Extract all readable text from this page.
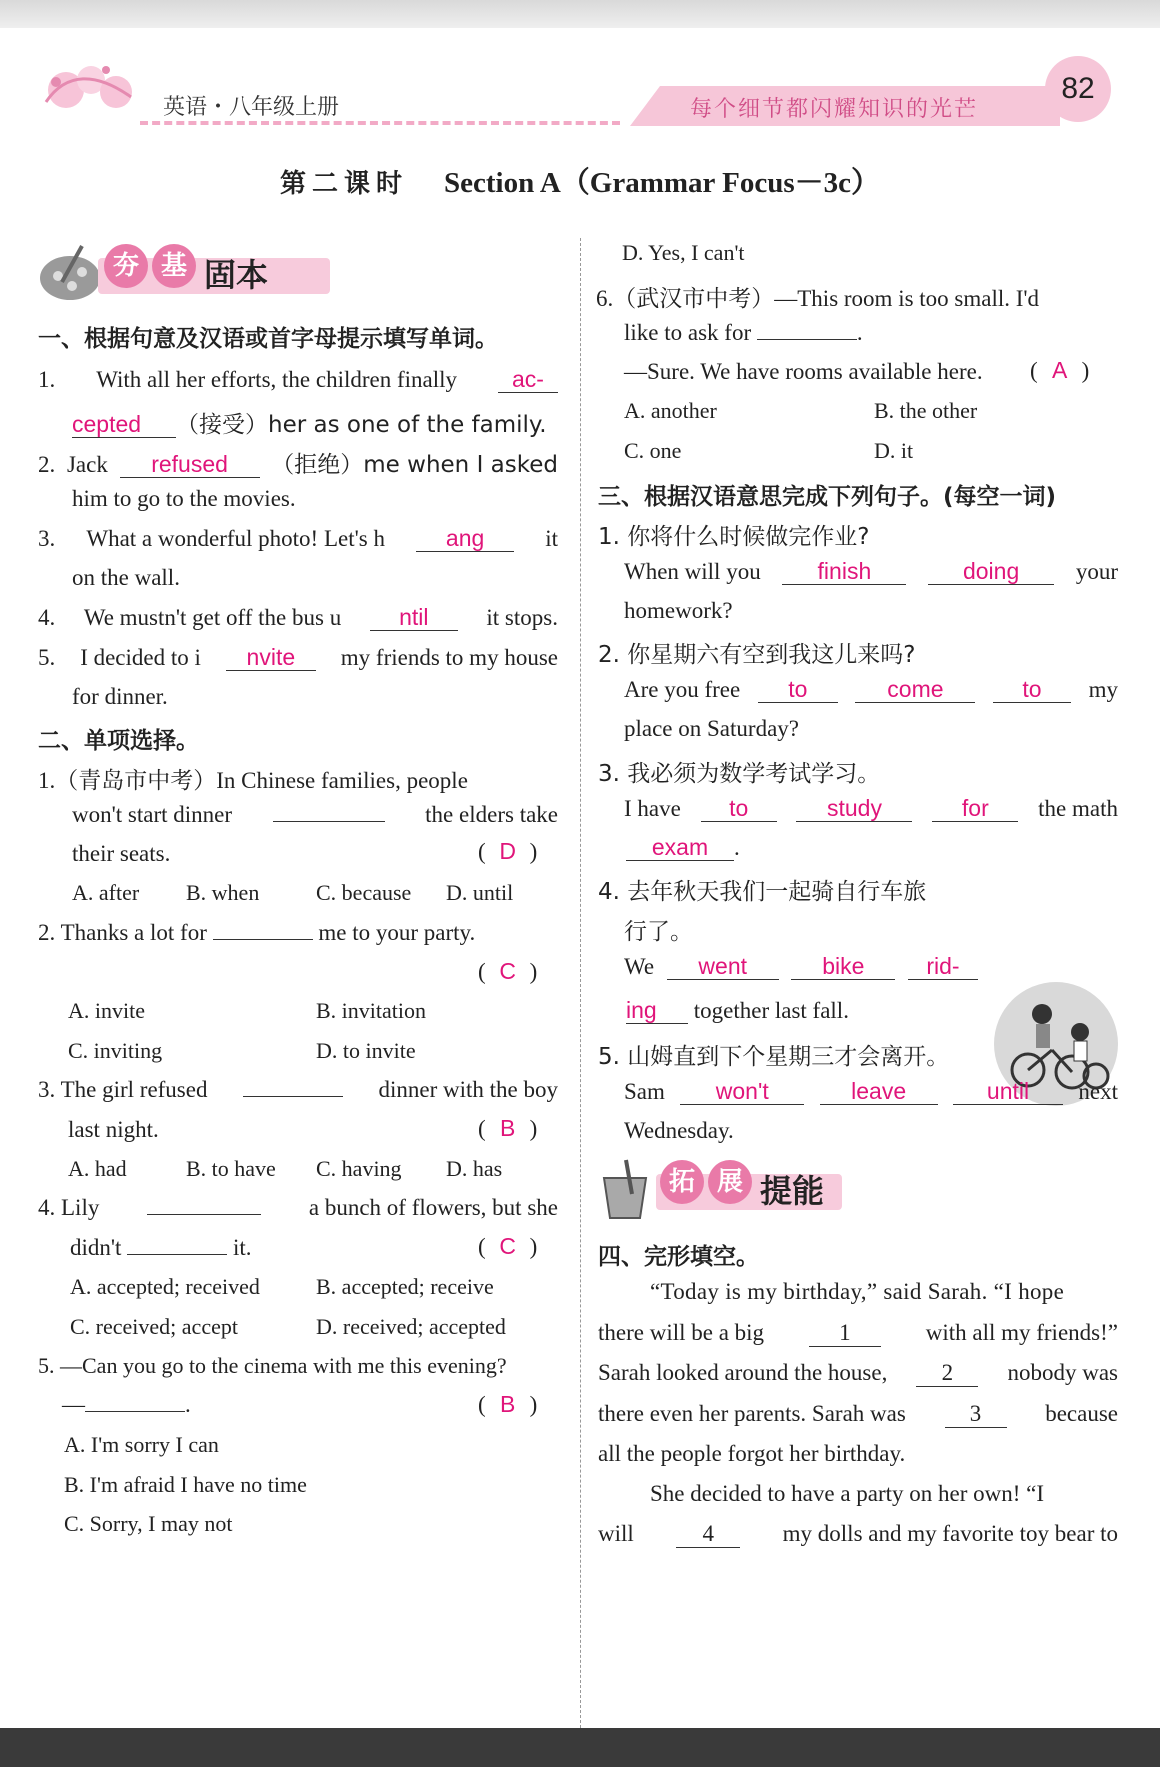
英语・八年级上册	每个细节都闪耀知识的光芒
82
第二课时 Section A（Grammar Focus－3c）
夯 基 固本
一、根据句意及汉语或首字母提示填写单词。
1. With all her efforts, the children finally	ac-
cepted （接受）her as one of the family.
2. Jack	refused	（拒绝）me when I asked
him to go to the movies.
3. What a wonderful photo! Let's h	ang	it
on the wall.
4. We mustn't get off the bus u	ntil	it stops.
5. I decided to i	nvite	my friends to my house
for dinner.
二、单项选择。
1.（青岛市中考）In Chinese families, people
won't start dinner	the elders take
their seats.	( D )
A. after B. when	C. because D. until
2. Thanks a lot for	me to your party.
( C )
A. invite	B. invitation
C. inviting	D. to invite
3. The girl refused	dinner with the boy
last night.	( B )
A. had	B. to have C. having D. has
4. Lily	a bunch of flowers, but she
didn't	it.	( C )
A. accepted; received	B. accepted; receive
C. received; accept	D. received; accepted
5. —Can you go to the cinema with me this evening?
—	.	( B )
A. I'm sorry I can
B. I'm afraid I have no time
C. Sorry, I may not
D. Yes, I can't
6.（武汉市中考）—This room is too small. I'd
like to ask for	.
—Sure. We have rooms available here. ( A )
A. another	B. the other
C. one	D. it
三、根据汉语意思完成下列句子。(每空一词)
1. 你将什么时候做完作业?
When will you	finish	doing	your
homework?
2. 你星期六有空到我这儿来吗?
Are you free	to	come	to	my
place on Saturday?
3. 我必须为数学考试学习。
I have	to	study	for	the math
exam .
4. 去年秋天我们一起骑自行车旅
行了。
We	went	bike	rid-
ing together last fall.
5. 山姆直到下个星期三才会离开。
Sam	won't	leave	until	next
Wednesday.
拓 展 提能
四、完形填空。
“Today is my birthday,” said Sarah. “I hope
there will be a big	1	with all my friends!”
Sarah looked around the house,	2	nobody was
there even her parents. Sarah was	3	because
all the people forgot her birthday.
She decided to have a party on her own! “I
will	4	my dolls and my favorite toy bear to
